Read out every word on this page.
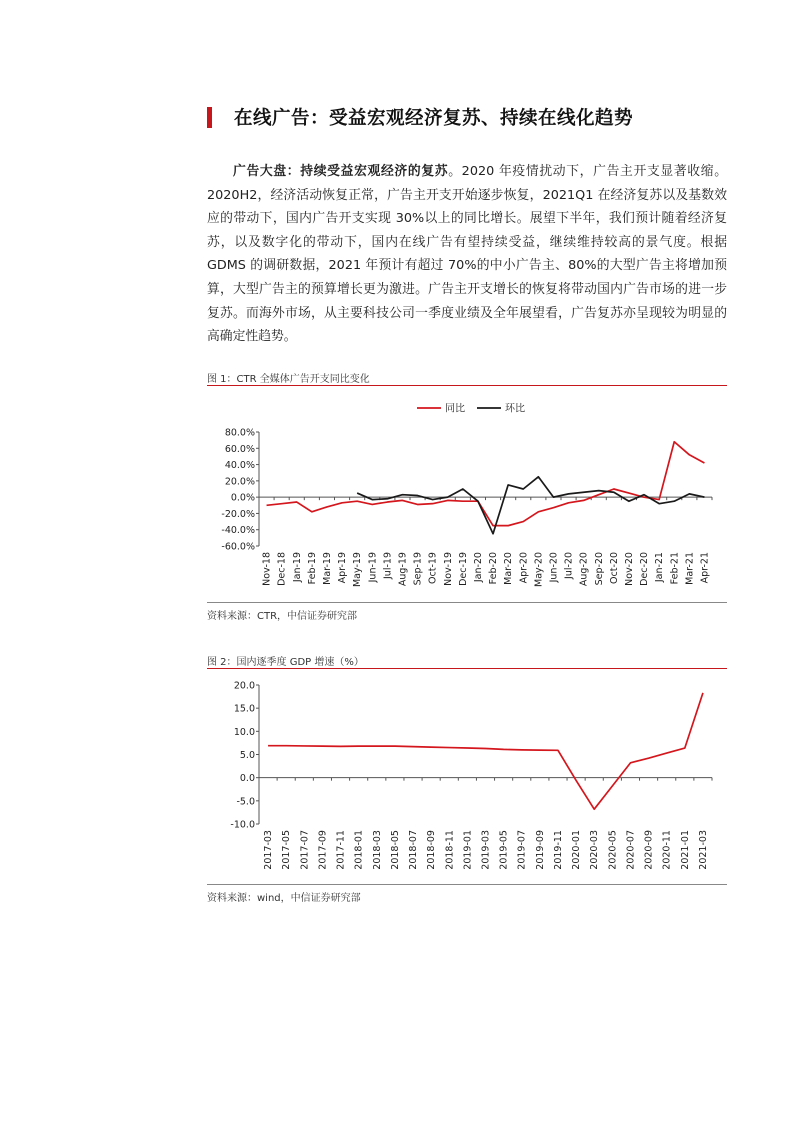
在线广告：受益宏观经济复苏、持续在线化趋势
广告大盘：持续受益宏观经济的复苏。2020 年疫情扰动下，广告主开支显著收缩。2020H2，经济活动恢复正常，广告主开支开始逐步恢复，2021Q1 在经济复苏以及基数效应的带动下，国内广告开支实现 30%以上的同比增长。展望下半年，我们预计随着经济复苏，以及数字化的带动下，国内在线广告有望持续受益，继续维持较高的景气度。根据 GDMS 的调研数据，2021 年预计有超过 70%的中小广告主、80%的大型广告主将增加预算，大型广告主的预算增长更为激进。广告主开支增长的恢复将带动国内广告市场的进一步复苏。而海外市场，从主要科技公司一季度业绩及全年展望看，广告复苏亦呈现较为明显的高确定性趋势。
图 1：CTR 全媒体广告开支同比变化
80.0%
60.0%
40.0%
20.0%
0.0%
-20.0%
-40.0%
-60.0%
Nov-18 Dec-18 Jan-19 Feb-19 Mar-19 Apr-19 May-19 Jun-19 Jul-19 Aug-19 Sep-19 Oct-19 Nov-19 Dec-19 Jan-20 Feb-20 Mar-20 Apr-20 May-20 Jun-20 Jul-20 Aug-20 Sep-20 Oct-20 Nov-20 Dec-20 Jan-21 Feb-21 Mar-21 Apr-21
同比	环比
资料来源：CTR，中信证券研究部
图 2：国内逐季度 GDP 增速（%）
20.0
15.0
10.0
5.0
0.0
-5.0
-10.0
2017-03 2017-05 2017-07 2017-09 2017-11 2018-01 2018-03 2018-05 2018-07 2018-09 2018-11 2019-01 2019-03 2019-05 2019-07 2019-09 2019-11 2020-01 2020-03 2020-05 2020-07 2020-09 2020-11 2021-01 2021-03
资料来源：wind，中信证券研究部
